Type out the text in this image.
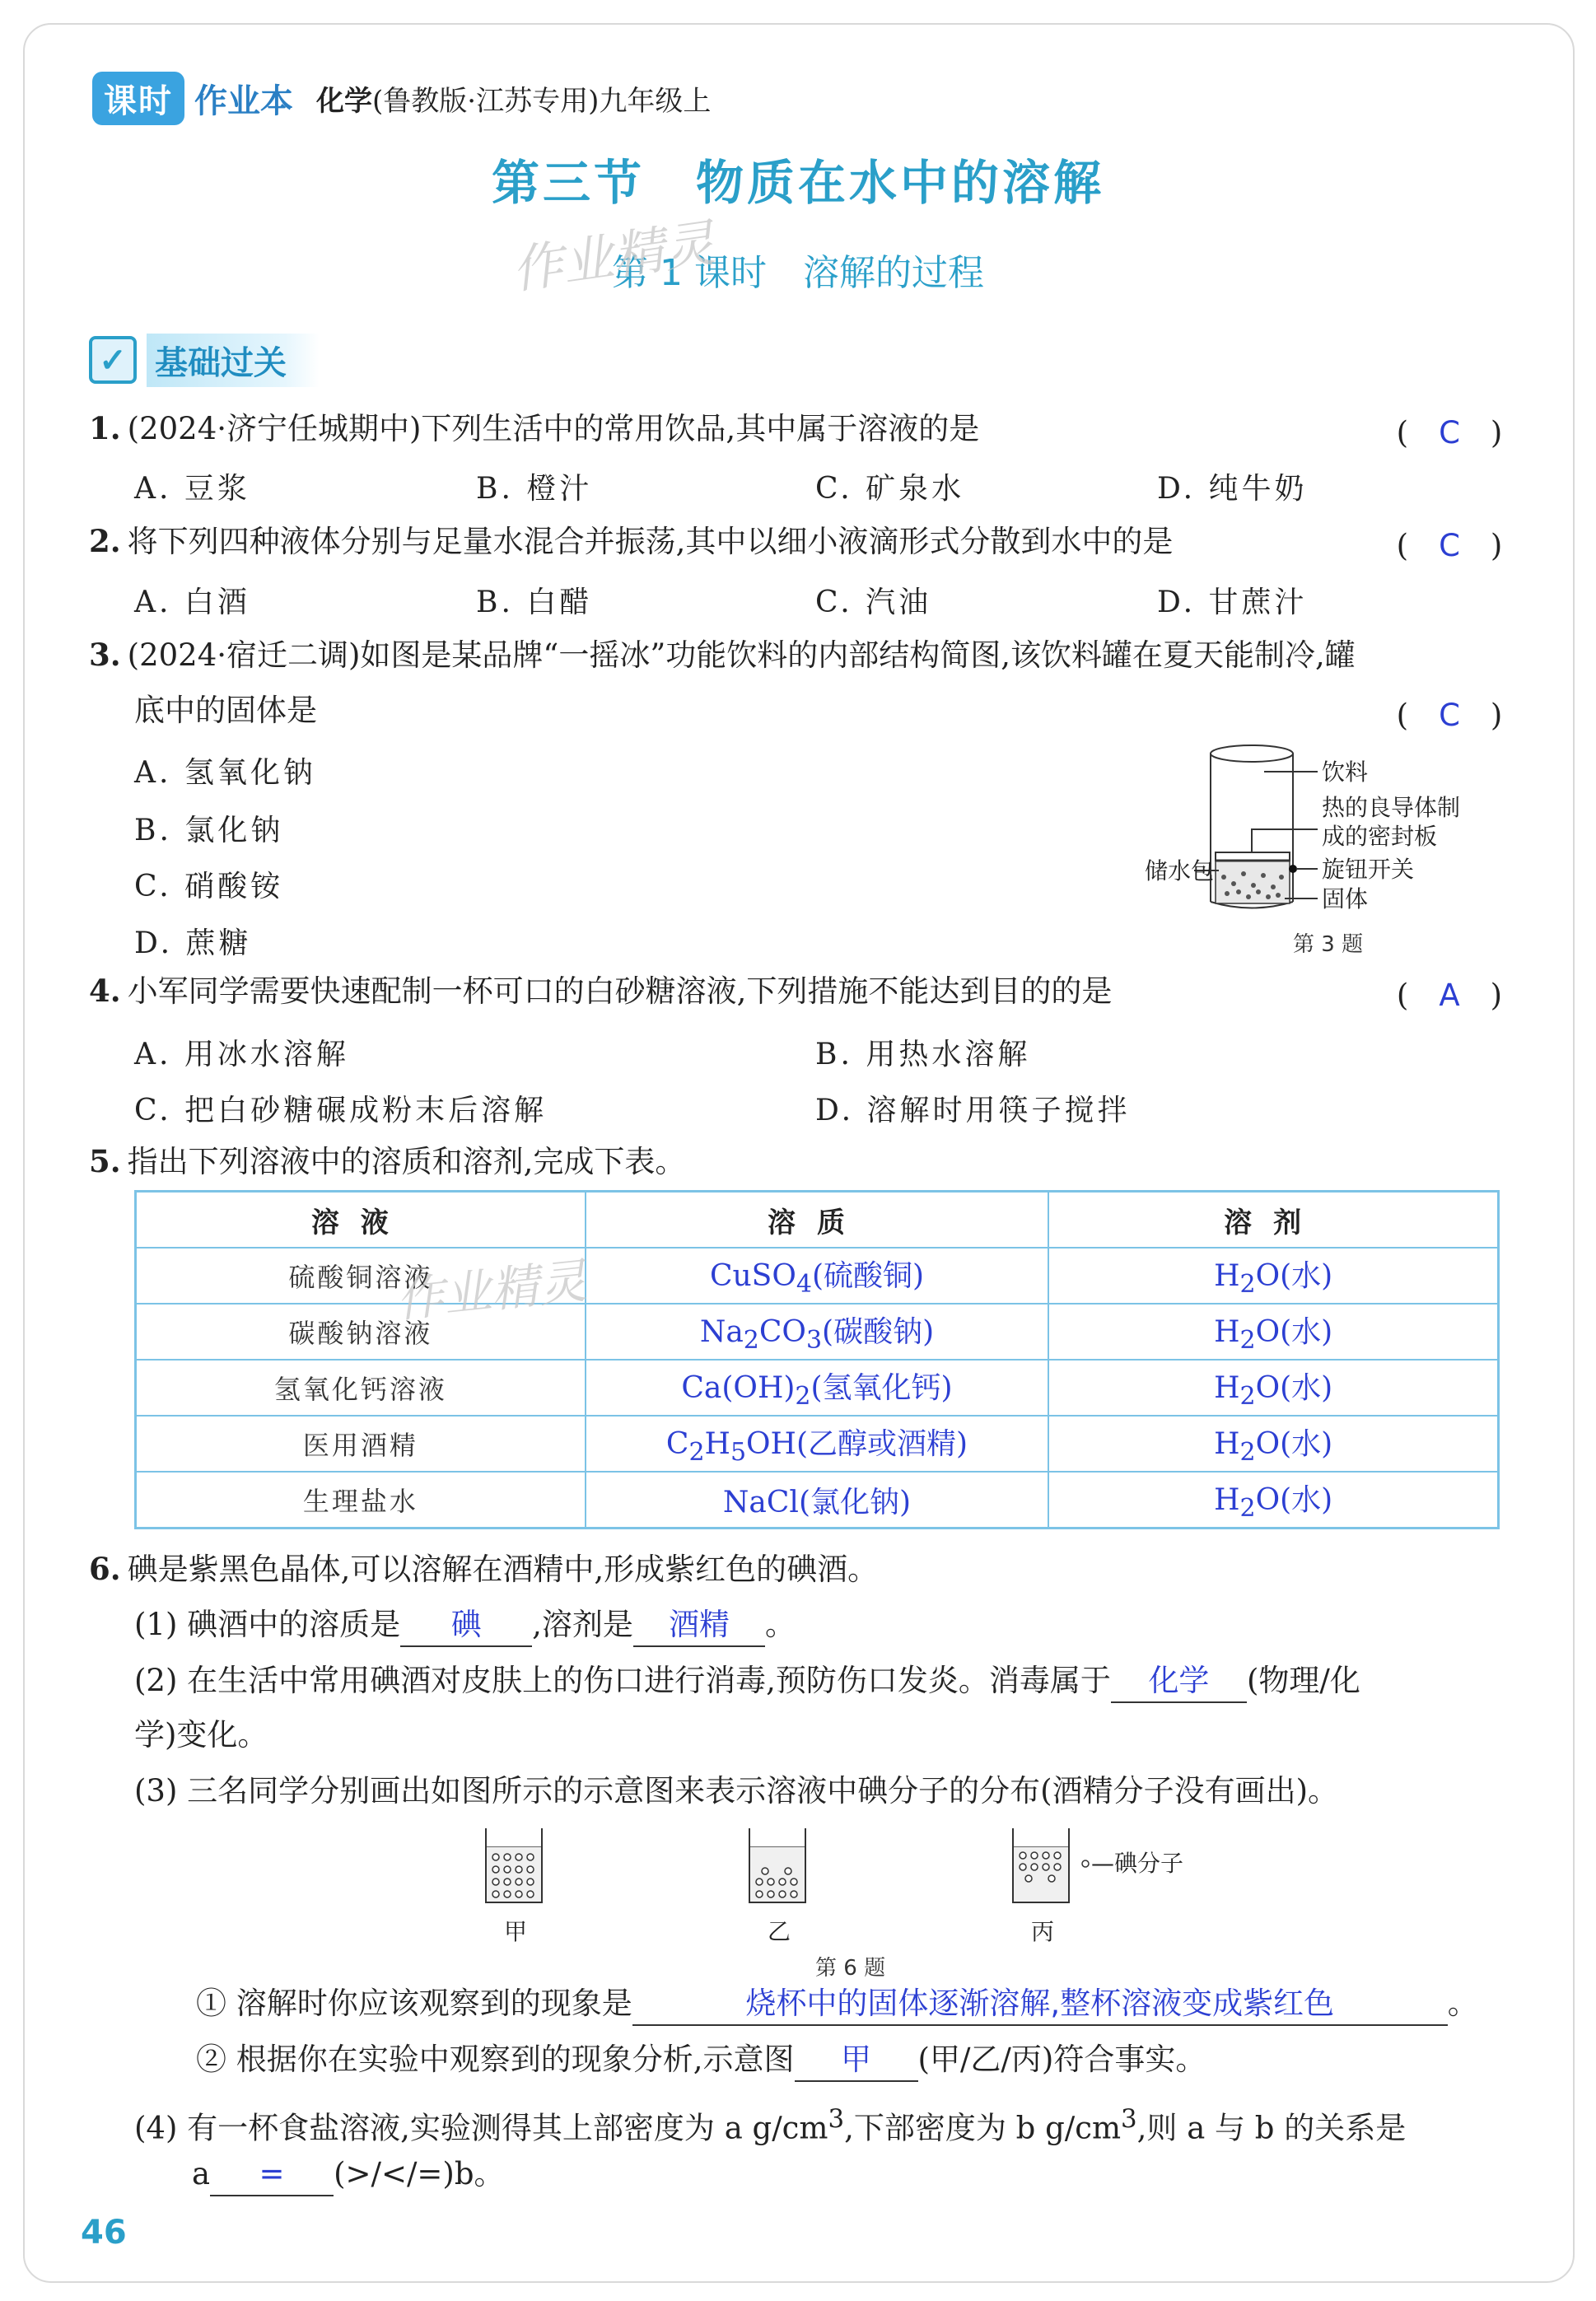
课时 作业本 化学(鲁教版·江苏专用)九年级上
第三节　物质在水中的溶解
第 1 课时　溶解的过程
作业精灵
✓ 基础过关
1. (2024·济宁任城期中)下列生活中的常用饮品,其中属于溶液的是	(　C　)
A. 豆浆	B. 橙汁	C. 矿泉水	D. 纯牛奶
2. 将下列四种液体分别与足量水混合并振荡,其中以细小液滴形式分散到水中的是	(　C　)
A. 白酒	B. 白醋	C. 汽油	D. 甘蔗汁
3. (2024·宿迁二调)如图是某品牌“一摇冰”功能饮料的内部结构简图,该饮料罐在夏天能制冷,罐
底中的固体是	(　C　)
A. 氢氧化钠
B. 氯化钠
C. 硝酸铵
D. 蔗糖
饮料
热的良导体制
成的密封板
储水包	旋钮开关
固体
第 3 题
4. 小军同学需要快速配制一杯可口的白砂糖溶液,下列措施不能达到目的的是	(　A　)
A. 用冰水溶解	B. 用热水溶解
C. 把白砂糖碾成粉末后溶解	D. 溶解时用筷子搅拌
5. 指出下列溶液中的溶质和溶剂,完成下表。
溶液	溶质	溶剂
硫酸铜溶液	CuSO$_4$(硫酸铜)	$H_2O$(水)
碳酸钠溶液	$Na_2CO_3$(碳酸钠)	$H_2O$(水)
氢氧化钙溶液	$Ca(OH)_2$(氢氧化钙)	$H_2O$(水)
医用酒精	$C_2H_5OH$(乙醇或酒精)	$H_2O$(水)
生理盐水	NaCl(氯化钠)	$H_2O$(水)
作业精灵
6. 碘是紫黑色晶体,可以溶解在酒精中,形成紫红色的碘酒。
(1) 碘酒中的溶质是 碘 ,溶剂是 酒精 。
(2) 在生活中常用碘酒对皮肤上的伤口进行消毒,预防伤口发炎。消毒属于 化学 (物理/化
学)变化。
(3) 三名同学分别画出如图所示的示意图来表示溶液中碘分子的分布(酒精分子没有画出)。
—碘分子
甲	乙	丙
第 6 题
① 溶解时你应该观察到的现象是	烧杯中的固体逐渐溶解,整杯溶液变成紫红色	。
② 根据你在实验中观察到的现象分析,示意图 甲 (甲/乙/丙)符合事实。
(4) 有一杯食盐溶液,实验测得其上部密度为 a $g/cm^3$,下部密度为 b $g/cm^3$,则 a 与 b 的关系是
a = (>/</=)b。
46
